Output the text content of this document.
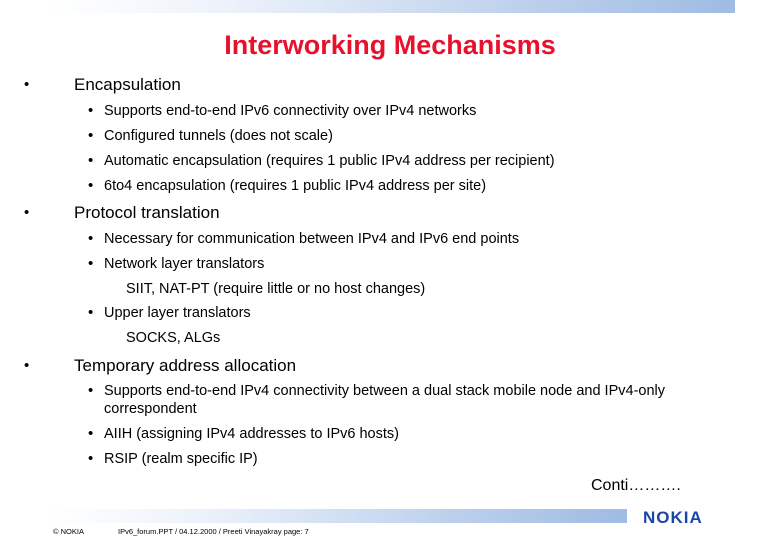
Interworking Mechanisms
•	Encapsulation
• Supports end-to-end IPv6 connectivity over IPv4 networks
• Configured tunnels (does not scale)
• Automatic encapsulation (requires 1 public IPv4 address per recipient)
• 6to4 encapsulation (requires 1 public IPv4 address per site)
•	Protocol translation
• Necessary for communication between IPv4 and IPv6 end points
• Network layer translators
SIIT, NAT-PT (require little or no host changes)
• Upper layer translators
SOCKS, ALGs
•	Temporary address allocation
• Supports end-to-end IPv4 connectivity between a dual stack mobile node and IPv4-only
correspondent
• AIIH (assigning IPv4 addresses to IPv6 hosts)
• RSIP (realm specific IP)
Conti……….
NOKIA
© NOKIA	IPv6_forum.PPT / 04.12.2000 / Preeti Vinayakray page: 7
